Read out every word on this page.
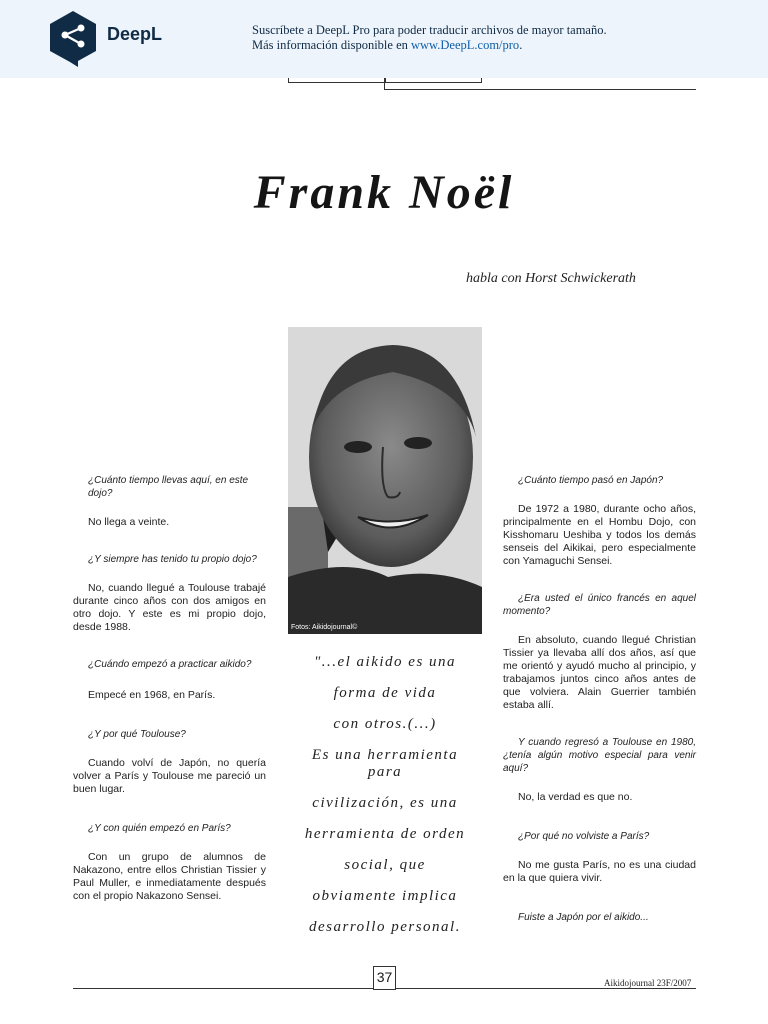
DeepL	Suscríbete a DeepL Pro para poder traducir archivos de mayor tamaño.
Más información disponible en www.DeepL.com/pro.
Frank Noël
habla con Horst Schwickerath
Fotos: Aikidojournal©

¿Cuánto tiempo llevas aquí, en este dojo?

No llega a veinte.

¿Y siempre has tenido tu propio dojo?

No, cuando llegué a Toulouse trabajé durante cinco años con dos amigos en otro dojo. Y este es mi propio dojo, desde 1988.

¿Cuándo empezó a practicar aikido?

Empecé en 1968, en París.

¿Y por qué Toulouse?

Cuando volví de Japón, no quería volver a París y Toulouse me pareció un buen lugar.

¿Y con quién empezó en París?

Con un grupo de alumnos de Nakazono, entre ellos Christian Tissier y Paul Muller, e inmediatamente después con el propio Nakazono Sensei.

"...el aikido es una
forma de vida
con otros.(...)
Es una herramienta
para
civilización, es una
herramienta de orden
social, que
obviamente implica
desarrollo personal.

¿Cuánto tiempo pasó en Japón?

De 1972 a 1980, durante ocho años, principalmente en el Hombu Dojo, con Kisshomaru Ueshiba y todos los demás senseis del Aikikai, pero especialmente con Yamaguchi Sensei.

¿Era usted el único francés en aquel momento?

En absoluto, cuando llegué Christian Tissier ya llevaba allí dos años, así que me orientó y ayudó mucho al principio, y trabajamos juntos cinco años antes de que volviera. Alain Guerrier también estaba allí.

Y cuando regresó a Toulouse en 1980, ¿tenía algún motivo especial para venir aquí?

No, la verdad es que no.

¿Por qué no volviste a París?

No me gusta París, no es una ciudad en la que quiera vivir.

Fuiste a Japón por el aikido...

37	Aikidojournal 23F/2007
